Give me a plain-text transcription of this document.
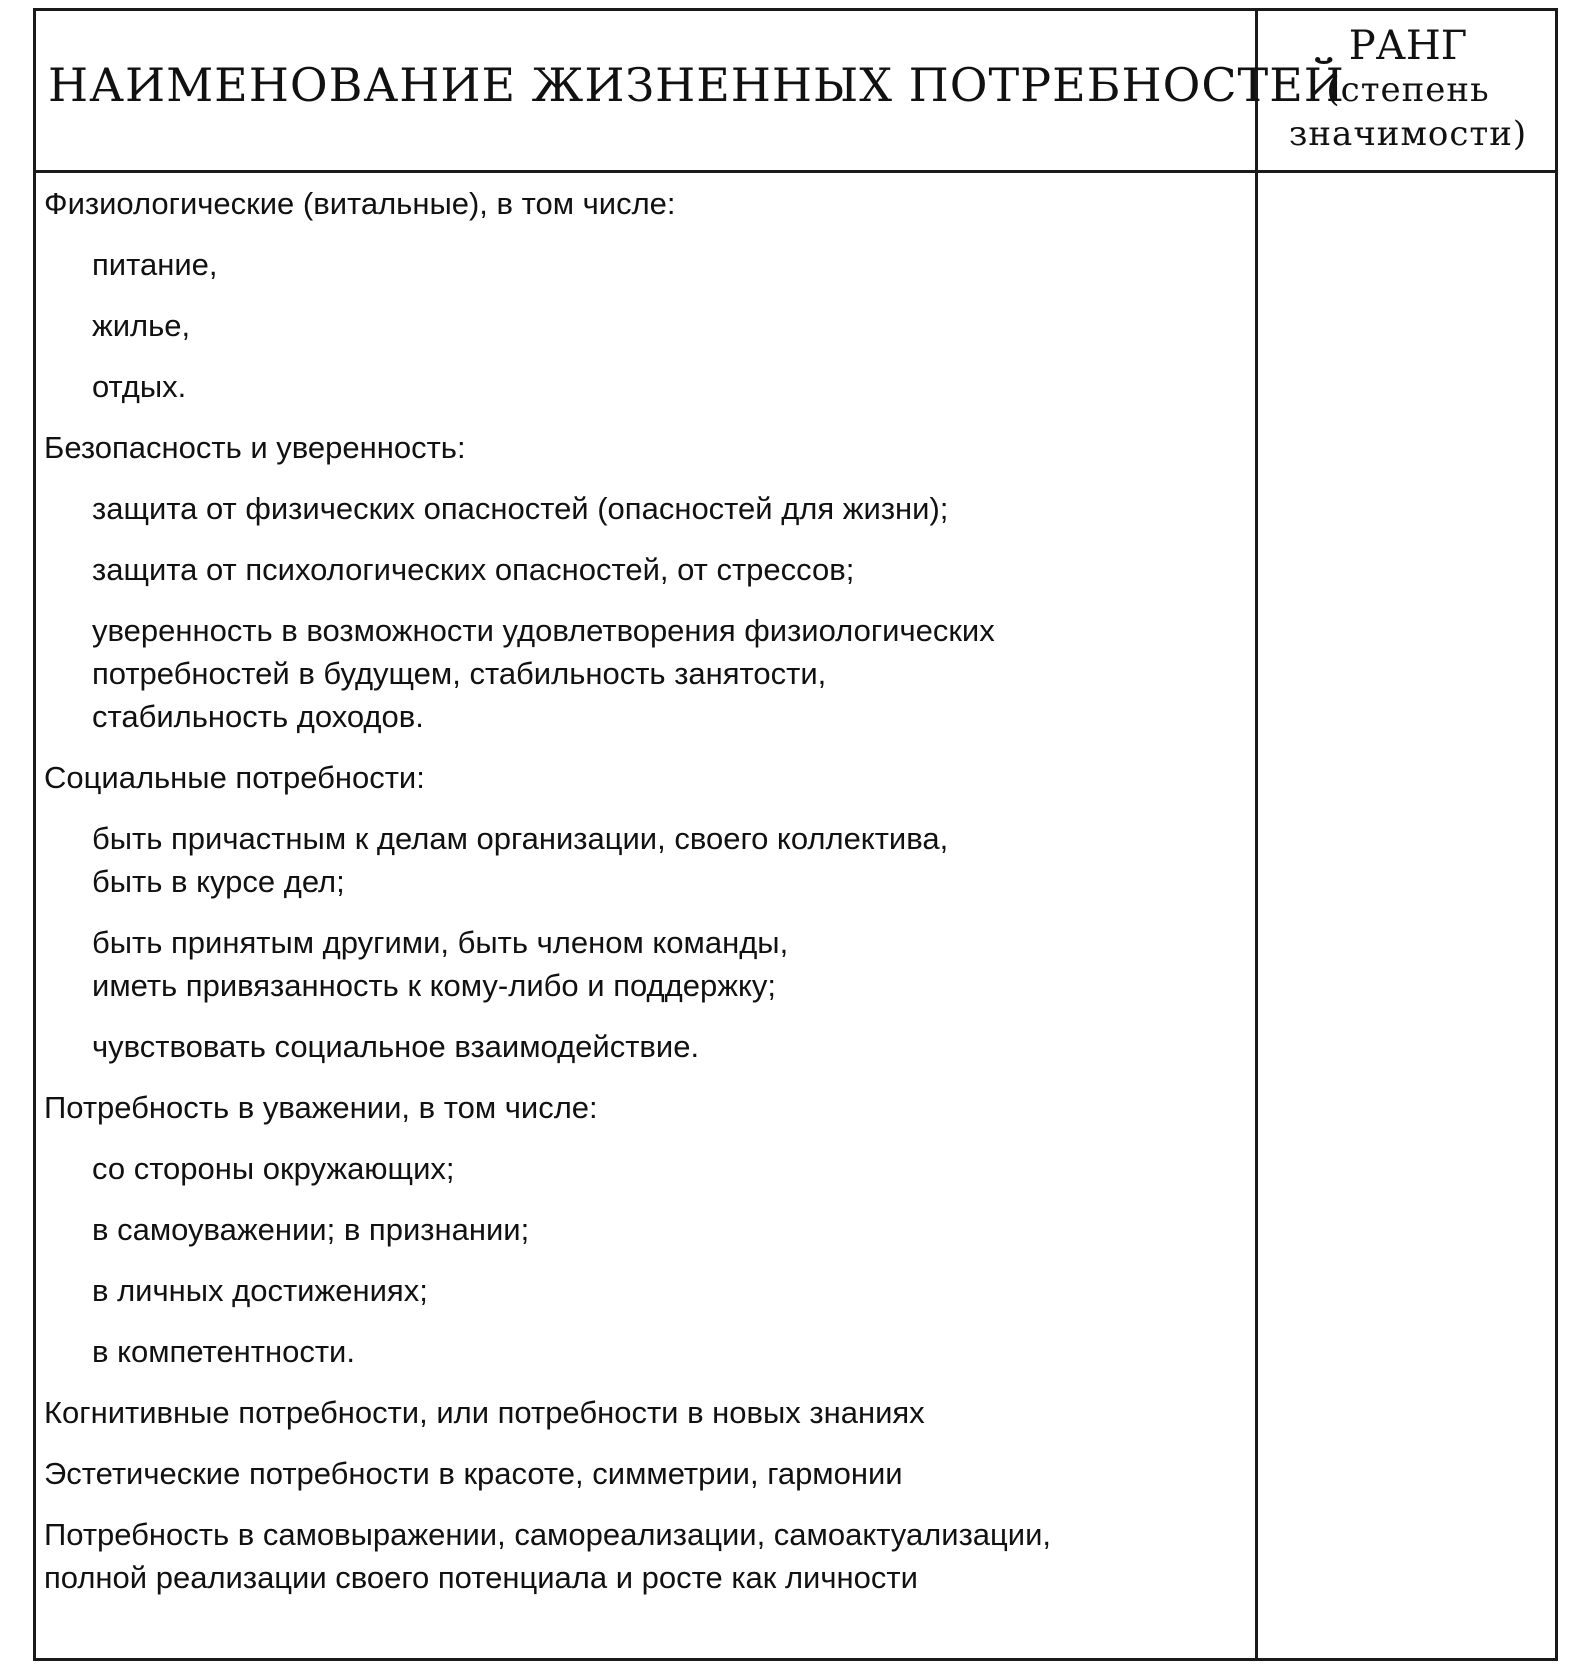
НАИМЕНОВАНИЕ ЖИЗНЕННЫХ ПОТРЕБНОСТЕЙ
РАНГ
(степень
значимости)
Физиологические (витальные), в том числе:
питание,
жилье,
отдых.
Безопасность и уверенность:
защита от физических опасностей (опасностей для жизни);
защита от психологических опасностей, от стрессов;
уверенность в возможности удовлетворения физиологических
потребностей в будущем, стабильность занятости,
стабильность доходов.
Социальные потребности:
быть причастным к делам организации, своего коллектива,
быть в курсе дел;
быть принятым другими, быть членом команды,
иметь привязанность к кому-либо и поддержку;
чувствовать социальное взаимодействие.
Потребность в уважении, в том числе:
со стороны окружающих;
в самоуважении; в признании;
в личных достижениях;
в компетентности.
Когнитивные потребности, или потребности в новых знаниях
Эстетические потребности в красоте, симметрии, гармонии
Потребность в самовыражении, самореализации, самоактуализации,
полной реализации своего потенциала и росте как личности
